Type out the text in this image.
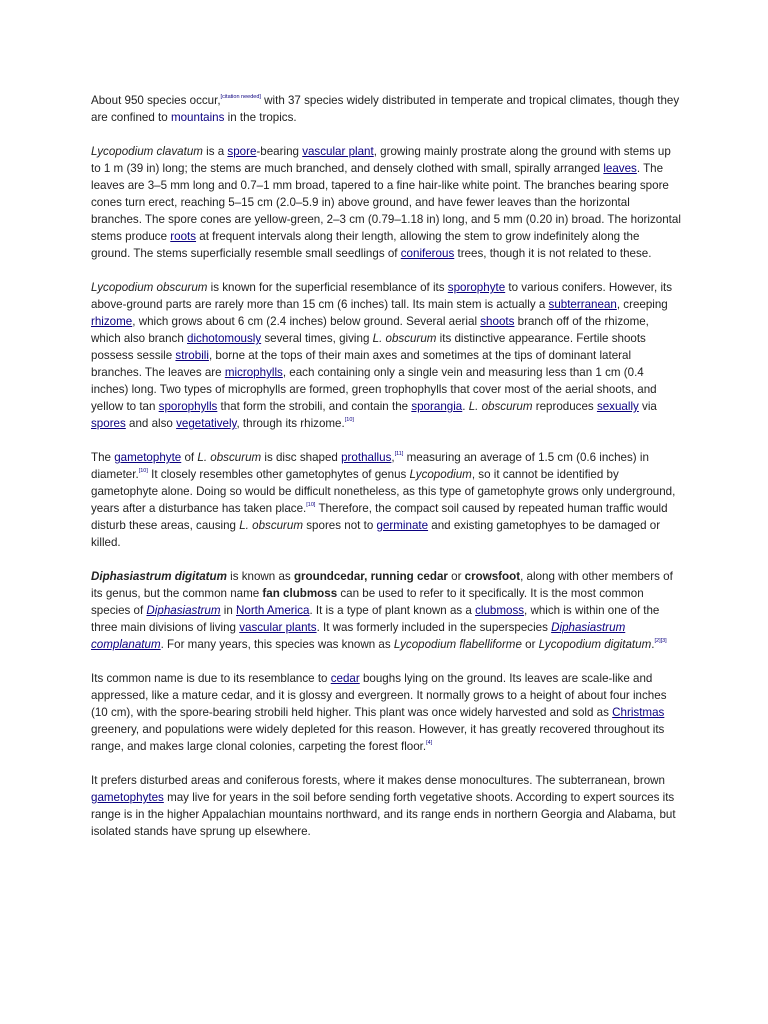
About 950 species occur,[citation needed] with 37 species widely distributed in temperate and tropical climates, though they are confined to mountains in the tropics.

Lycopodium clavatum is a spore-bearing vascular plant, growing mainly prostrate along the ground with stems up to 1 m (39 in) long; the stems are much branched, and densely clothed with small, spirally arranged leaves. The leaves are 3–5 mm long and 0.7–1 mm broad, tapered to a fine hair-like white point. The branches bearing spore cones turn erect, reaching 5–15 cm (2.0–5.9 in) above ground, and have fewer leaves than the horizontal branches. The spore cones are yellow-green, 2–3 cm (0.79–1.18 in) long, and 5 mm (0.20 in) broad. The horizontal stems produce roots at frequent intervals along their length, allowing the stem to grow indefinitely along the ground. The stems superficially resemble small seedlings of coniferous trees, though it is not related to these.

Lycopodium obscurum is known for the superficial resemblance of its sporophyte to various conifers. However, its above-ground parts are rarely more than 15 cm (6 inches) tall. Its main stem is actually a subterranean, creeping rhizome, which grows about 6 cm (2.4 inches) below ground. Several aerial shoots branch off of the rhizome, which also branch dichotomously several times, giving L. obscurum its distinctive appearance. Fertile shoots possess sessile strobili, borne at the tops of their main axes and sometimes at the tips of dominant lateral branches. The leaves are microphylls, each containing only a single vein and measuring less than 1 cm (0.4 inches) long. Two types of microphylls are formed, green trophophylls that cover most of the aerial shoots, and yellow to tan sporophylls that form the strobili, and contain the sporangia. L. obscurum reproduces sexually via spores and also vegetatively, through its rhizome.[10]

The gametophyte of L. obscurum is disc shaped prothallus,[11] measuring an average of 1.5 cm (0.6 inches) in diameter.[10] It closely resembles other gametophytes of genus Lycopodium, so it cannot be identified by gametophyte alone. Doing so would be difficult nonetheless, as this type of gametophyte grows only underground, years after a disturbance has taken place.[10] Therefore, the compact soil caused by repeated human traffic would disturb these areas, causing L. obscurum spores not to germinate and existing gametophyes to be damaged or killed.

Diphasiastrum digitatum is known as groundcedar, running cedar or crowsfoot, along with other members of its genus, but the common name fan clubmoss can be used to refer to it specifically. It is the most common species of Diphasiastrum in North America. It is a type of plant known as a clubmoss, which is within one of the three main divisions of living vascular plants. It was formerly included in the superspecies Diphasiastrum complanatum. For many years, this species was known as Lycopodium flabelliforme or Lycopodium digitatum.[2][3]

Its common name is due to its resemblance to cedar boughs lying on the ground. Its leaves are scale-like and appressed, like a mature cedar, and it is glossy and evergreen. It normally grows to a height of about four inches (10 cm), with the spore-bearing strobili held higher. This plant was once widely harvested and sold as Christmas greenery, and populations were widely depleted for this reason. However, it has greatly recovered throughout its range, and makes large clonal colonies, carpeting the forest floor.[4]

It prefers disturbed areas and coniferous forests, where it makes dense monocultures. The subterranean, brown gametophytes may live for years in the soil before sending forth vegetative shoots. According to expert sources its range is in the higher Appalachian mountains northward, and its range ends in northern Georgia and Alabama, but isolated stands have sprung up elsewhere.
